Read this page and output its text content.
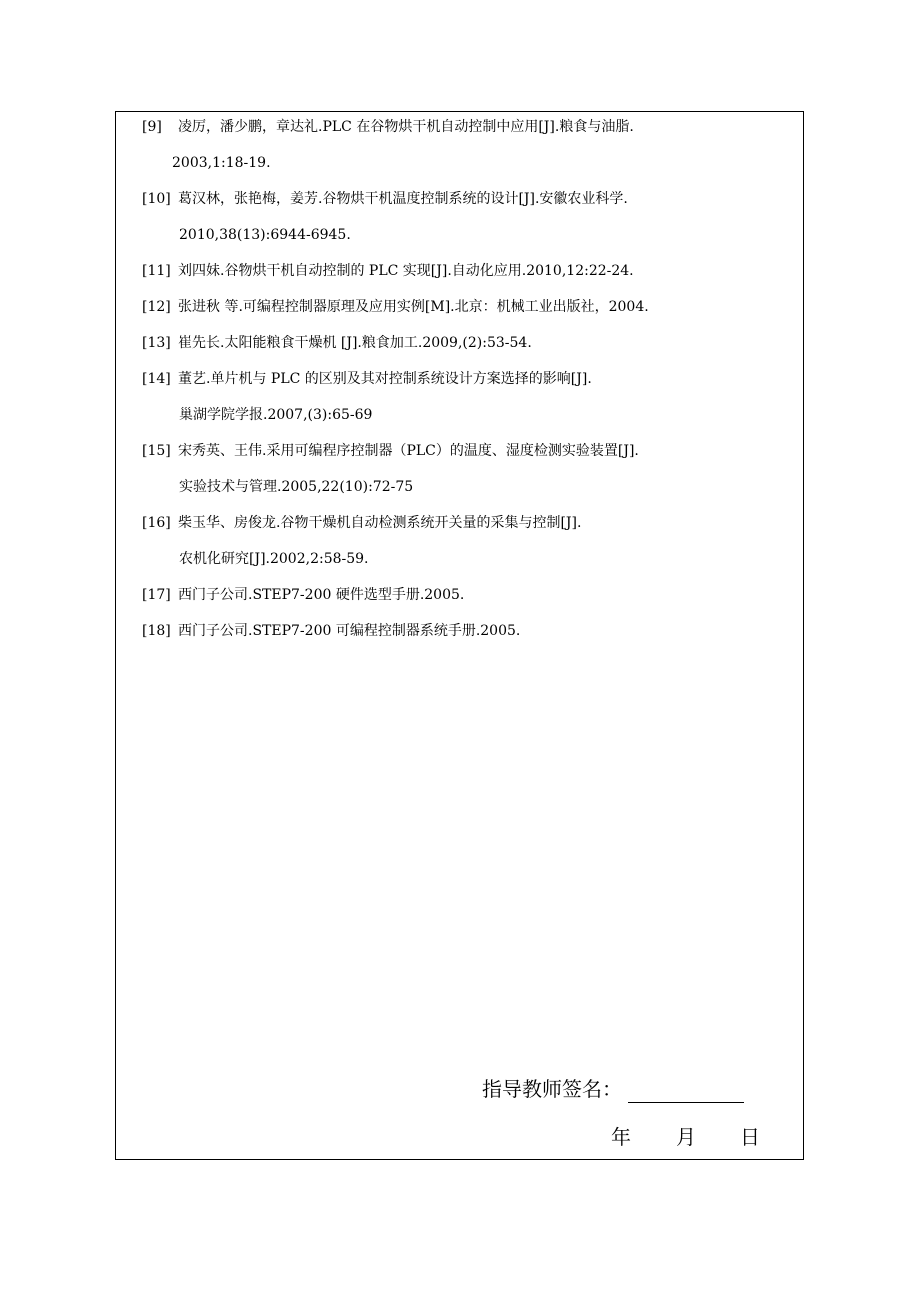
[9] 凌厉，潘少鹏，章达礼.PLC 在谷物烘干机自动控制中应用[J].粮食与油脂.
2003,1:18-19.
[10] 葛汉林，张艳梅，姜芳.谷物烘干机温度控制系统的设计[J].安徽农业科学.
2010,38(13):6944-6945.
[11] 刘四妹.谷物烘干机自动控制的 PLC 实现[J].自动化应用.2010,12:22-24.
[12] 张进秋 等.可编程控制器原理及应用实例[M].北京：机械工业出版社，2004.
[13] 崔先长.太阳能粮食干燥机 [J].粮食加工.2009,(2):53-54.
[14] 董艺.单片机与 PLC 的区别及其对控制系统设计方案选择的影响[J].
巢湖学院学报.2007,(3):65-69
[15] 宋秀英、王伟.采用可编程序控制器（PLC）的温度、湿度检测实验装置[J].
实验技术与管理.2005,22(10):72-75
[16] 柴玉华、房俊龙.谷物干燥机自动检测系统开关量的采集与控制[J].
农机化研究[J].2002,2:58-59.
[17] 西门子公司.STEP7-200 硬件选型手册.2005.
[18] 西门子公司.STEP7-200 可编程控制器系统手册.2005.
指导教师签名：
年 月 日
